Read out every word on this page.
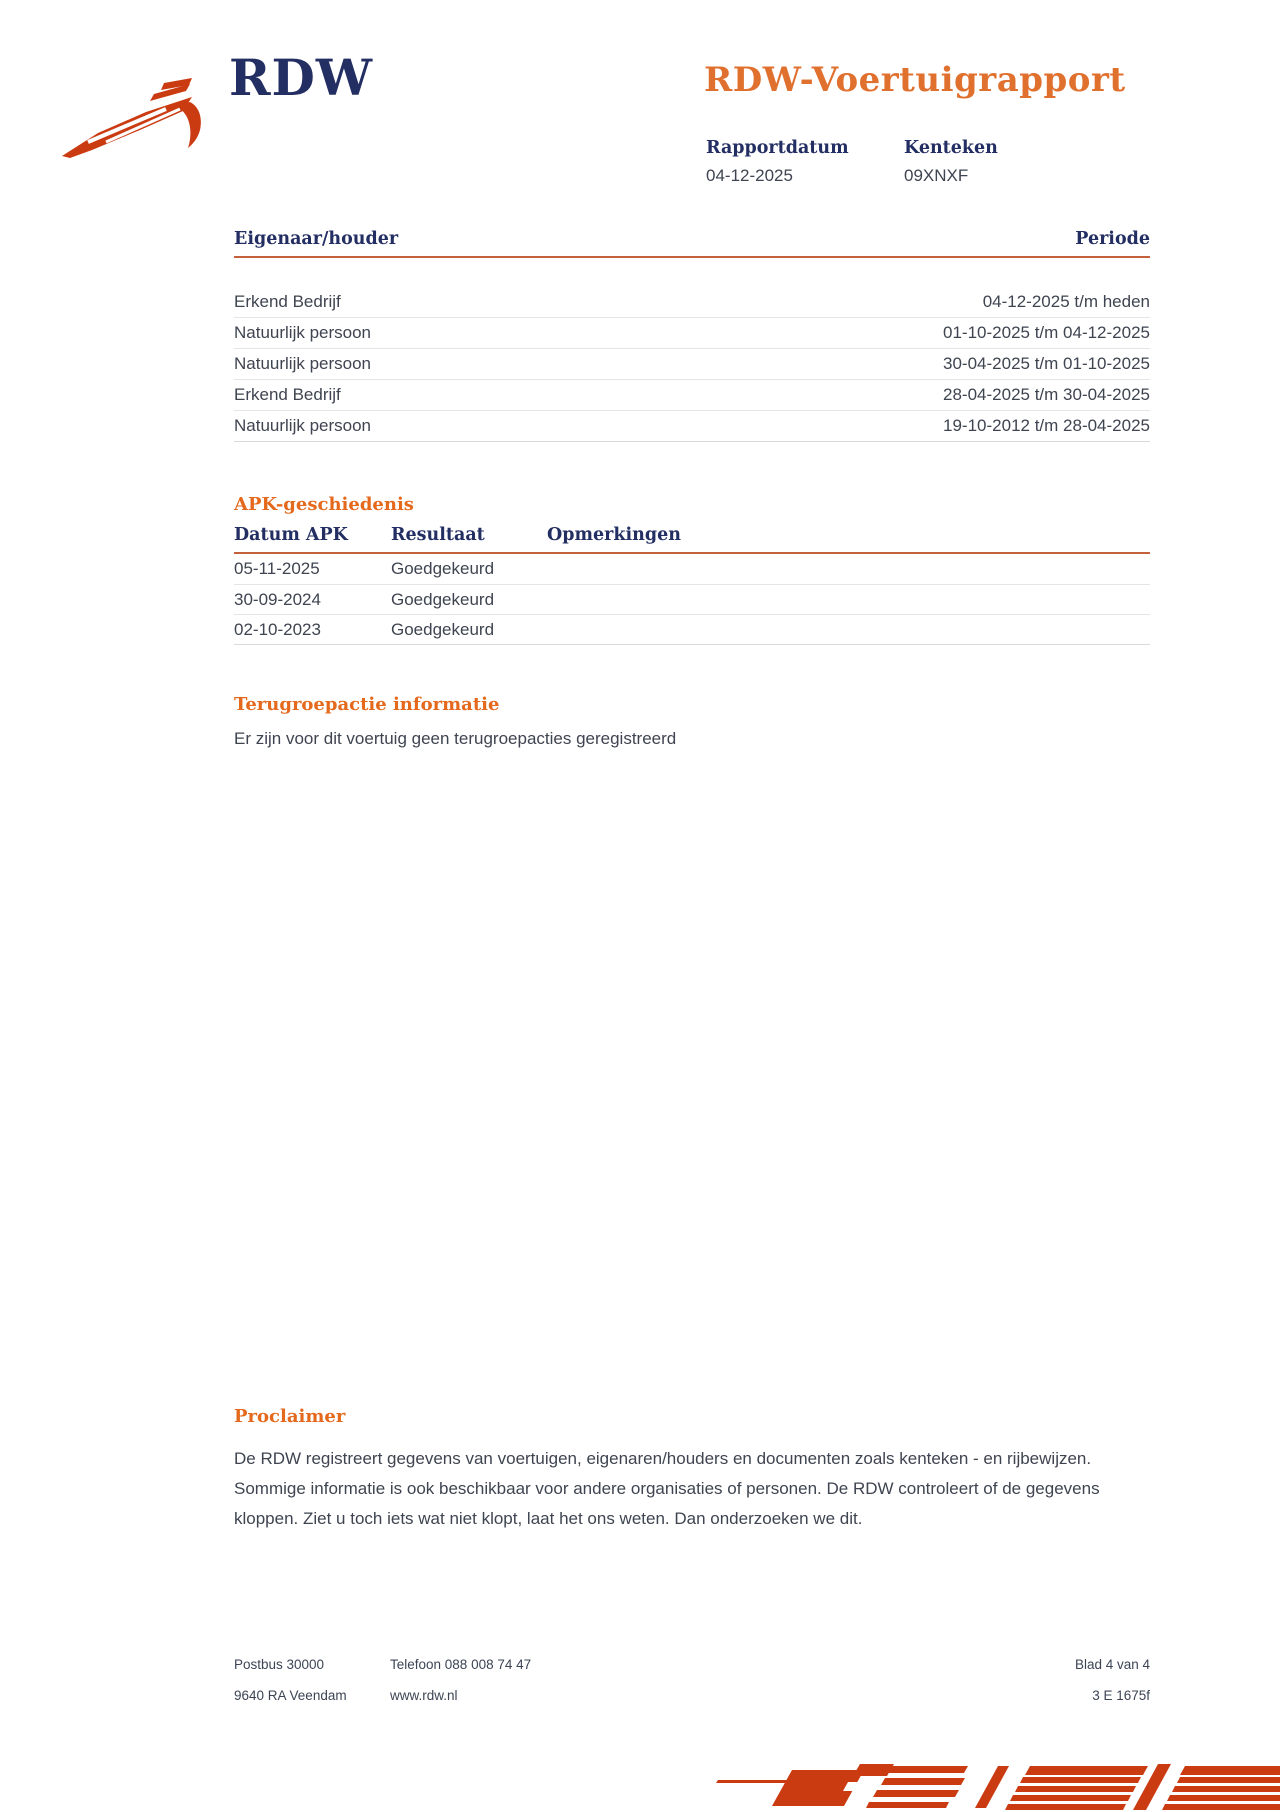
RDW	RDW-Voertuigrapport
Rapportdatum
04-12-2025
Kenteken
09XNXF
Eigenaar/houder	Periode
Erkend Bedrijf	04-12-2025 t/m heden
Natuurlijk persoon	01-10-2025 t/m 04-12-2025
Natuurlijk persoon	30-04-2025 t/m 01-10-2025
Erkend Bedrijf	28-04-2025 t/m 30-04-2025
Natuurlijk persoon	19-10-2012 t/m 28-04-2025
APK-geschiedenis
Datum APK	Resultaat	Opmerkingen
05-11-2025	Goedgekeurd
30-09-2024	Goedgekeurd
02-10-2023	Goedgekeurd
Terugroepactie informatie
Er zijn voor dit voertuig geen terugroepacties geregistreerd
Proclaimer
De RDW registreert gegevens van voertuigen, eigenaren/houders en documenten zoals kenteken - en rijbewijzen. Sommige informatie is ook beschikbaar voor andere organisaties of personen. De RDW controleert of de gegevens kloppen. Ziet u toch iets wat niet klopt, laat het ons weten. Dan onderzoeken we dit.
Postbus 30000	Telefoon 088 008 74 47	Blad 4 van 4
9640 RA Veendam	www.rdw.nl	3 E 1675f
